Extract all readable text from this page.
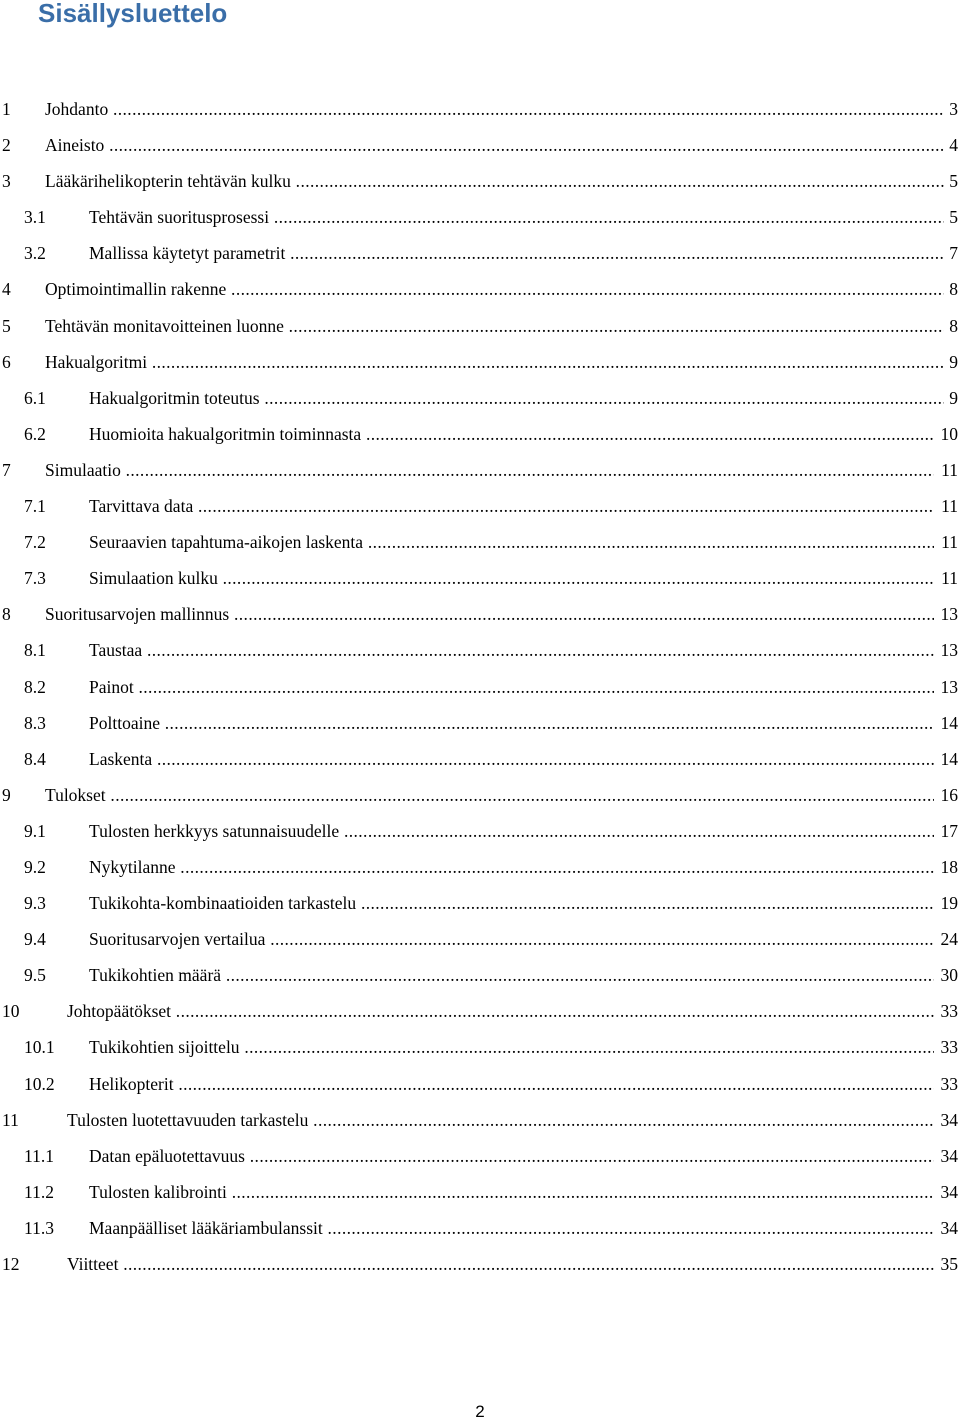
Sisällysluettelo
1 Johdanto .....	3
2 Aineisto .....	4
3 Lääkärihelikopterin tehtävän kulku .....	5
3.1 Tehtävän suoritusprosessi .....	5
3.2 Mallissa käytetyt parametrit .....	7
4 Optimointimallin rakenne .....	8
5 Tehtävän monitavoitteinen luonne .....	8
6 Hakualgoritmi .....	9
6.1 Hakualgoritmin toteutus .....	9
6.2 Huomioita hakualgoritmin toiminnasta .....	10
7 Simulaatio .....	11
7.1 Tarvittava data .....	11
7.2 Seuraavien tapahtuma-aikojen laskenta .....	11
7.3 Simulaation kulku .....	11
8 Suoritusarvojen mallinnus .....	13
8.1 Taustaa .....	13
8.2 Painot .....	13
8.3 Polttoaine .....	14
8.4 Laskenta .....	14
9 Tulokset .....	16
9.1 Tulosten herkkyys satunnaisuudelle .....	17
9.2 Nykytilanne .....	18
9.3 Tukikohta-kombinaatioiden tarkastelu .....	19
9.4 Suoritusarvojen vertailua .....	24
9.5 Tukikohtien määrä .....	30
10	Johtopäätökset .....	33
10.1 Tukikohtien sijoittelu .....	33
10.2 Helikopterit .....	33
11	Tulosten luotettavuuden tarkastelu .....	34
11.1 Datan epäluotettavuus .....	34
11.2 Tulosten kalibrointi .....	34
11.3 Maanpäälliset lääkäriambulanssit .....	34
12	Viitteet .....	35
2
